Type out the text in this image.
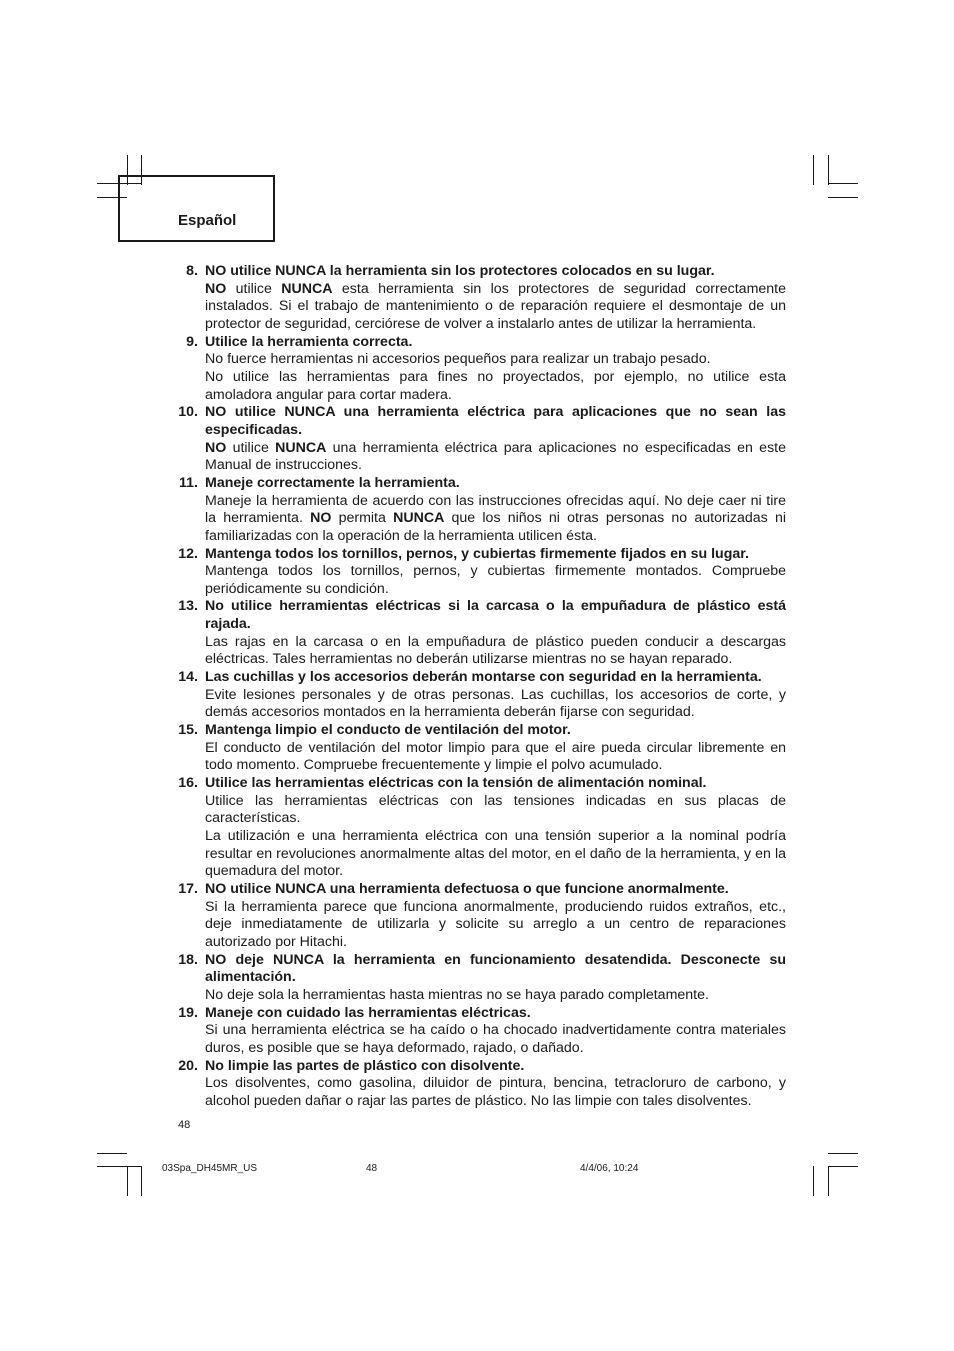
Español
8. NO utilice NUNCA la herramienta sin los protectores colocados en su lugar.
NO utilice NUNCA esta herramienta sin los protectores de seguridad correctamente instalados. Si el trabajo de mantenimiento o de reparación requiere el desmontaje de un protector de seguridad, cerciórese de volver a instalarlo antes de utilizar la herramienta.
9. Utilice la herramienta correcta.
No fuerce herramientas ni accesorios pequeños para realizar un trabajo pesado.
No utilice las herramientas para fines no proyectados, por ejemplo, no utilice esta amoladora angular para cortar madera.
10. NO utilice NUNCA una herramienta eléctrica para aplicaciones que no sean las especificadas.
NO utilice NUNCA una herramienta eléctrica para aplicaciones no especificadas en este Manual de instrucciones.
11. Maneje correctamente la herramienta.
Maneje la herramienta de acuerdo con las instrucciones ofrecidas aquí. No deje caer ni tire la herramienta. NO permita NUNCA que los niños ni otras personas no autorizadas ni familiarizadas con la operación de la herramienta utilicen ésta.
12. Mantenga todos los tornillos, pernos, y cubiertas firmemente fijados en su lugar.
Mantenga todos los tornillos, pernos, y cubiertas firmemente montados. Compruebe periódicamente su condición.
13. No utilice herramientas eléctricas si la carcasa o la empuñadura de plástico está rajada.
Las rajas en la carcasa o en la empuñadura de plástico pueden conducir a descargas eléctricas. Tales herramientas no deberán utilizarse mientras no se hayan reparado.
14. Las cuchillas y los accesorios deberán montarse con seguridad en la herramienta.
Evite lesiones personales y de otras personas. Las cuchillas, los accesorios de corte, y demás accesorios montados en la herramienta deberán fijarse con seguridad.
15. Mantenga limpio el conducto de ventilación del motor.
El conducto de ventilación del motor limpio para que el aire pueda circular libremente en todo momento. Compruebe frecuentemente y limpie el polvo acumulado.
16. Utilice las herramientas eléctricas con la tensión de alimentación nominal.
Utilice las herramientas eléctricas con las tensiones indicadas en sus placas de características.
La utilización e una herramienta eléctrica con una tensión superior a la nominal podría resultar en revoluciones anormalmente altas del motor, en el daño de la herramienta, y en la quemadura del motor.
17. NO utilice NUNCA una herramienta defectuosa o que funcione anormalmente.
Si la herramienta parece que funciona anormalmente, produciendo ruidos extraños, etc., deje inmediatamente de utilizarla y solicite su arreglo a un centro de reparaciones autorizado por Hitachi.
18. NO deje NUNCA la herramienta en funcionamiento desatendida. Desconecte su alimentación.
No deje sola la herramientas hasta mientras no se haya parado completamente.
19. Maneje con cuidado las herramientas eléctricas.
Si una herramienta eléctrica se ha caído o ha chocado inadvertidamente contra materiales duros, es posible que se haya deformado, rajado, o dañado.
20. No limpie las partes de plástico con disolvente.
Los disolventes, como gasolina, diluidor de pintura, bencina, tetracloruro de carbono, y alcohol pueden dañar o rajar las partes de plástico. No las limpie con tales disolventes.
48
03Spa_DH45MR_US	48	4/4/06, 10:24
